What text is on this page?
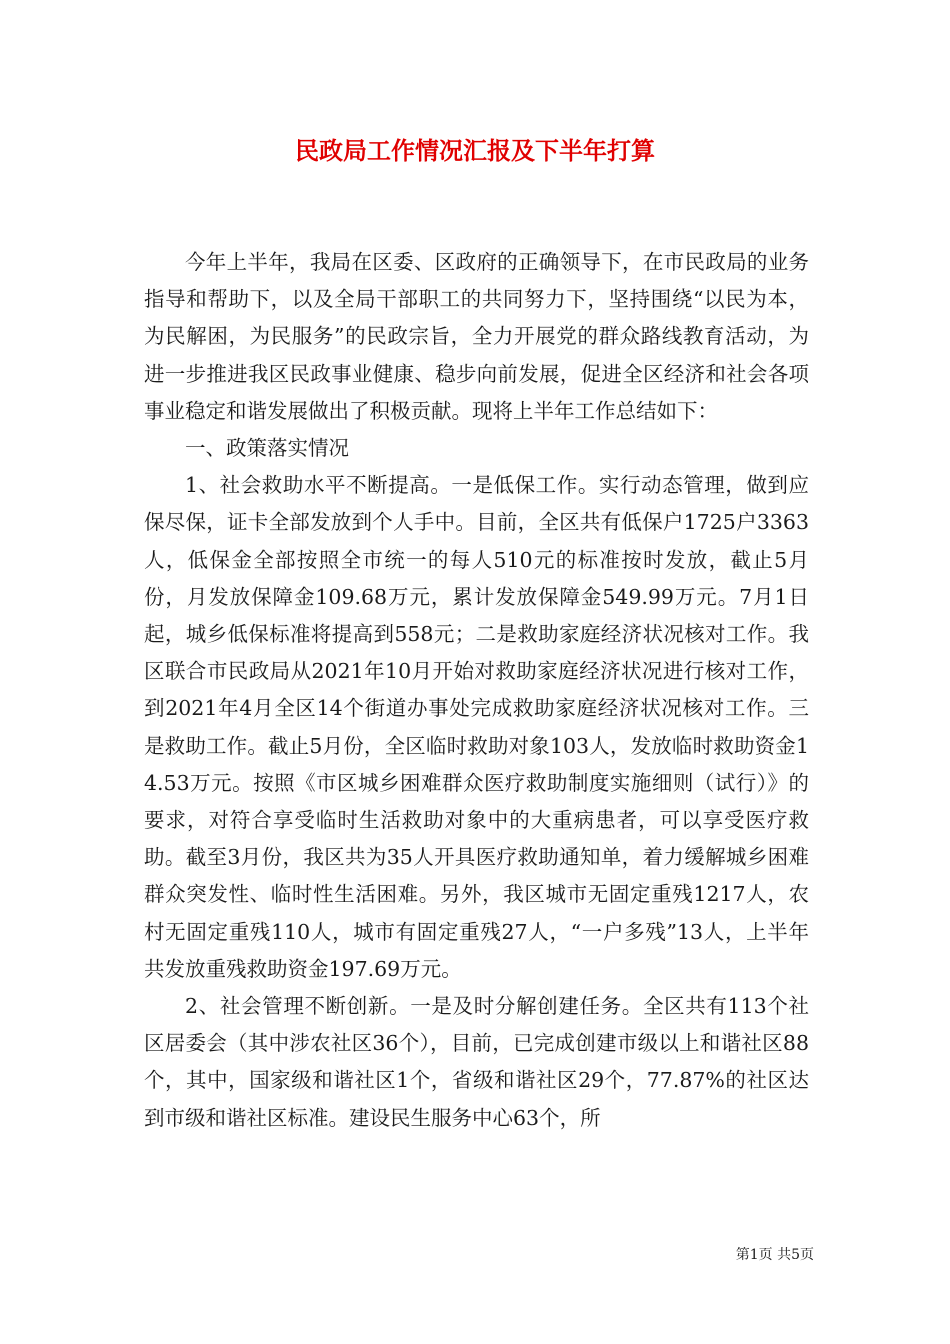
民政局工作情况汇报及下半年打算

今年上半年，我局在区委、区政府的正确领导下，在市民政局的业务指导和帮助下，以及全局干部职工的共同努力下，坚持围绕“以民为本，为民解困，为民服务”的民政宗旨，全力开展党的群众路线教育活动，为进一步推进我区民政事业健康、稳步向前发展，促进全区经济和社会各项事业稳定和谐发展做出了积极贡献。现将上半年工作总结如下：

一、政策落实情况

1、社会救助水平不断提高。一是低保工作。实行动态管理，做到应保尽保，证卡全部发放到个人手中。目前，全区共有低保户1725户3363人，低保金全部按照全市统一的每人510元的标准按时发放，截止5月份，月发放保障金109.68万元，累计发放保障金549.99万元。7月1日起，城乡低保标准将提高到558元；二是救助家庭经济状况核对工作。我区联合市民政局从2021年10月开始对救助家庭经济状况进行核对工作，到2021年4月全区14个街道办事处完成救助家庭经济状况核对工作。三是救助工作。截止5月份，全区临时救助对象103人，发放临时救助资金14.53万元。按照《市区城乡困难群众医疗救助制度实施细则（试行）》的要求，对符合享受临时生活救助对象中的大重病患者，可以享受医疗救助。截至3月份，我区共为35人开具医疗救助通知单，着力缓解城乡困难群众突发性、临时性生活困难。另外，我区城市无固定重残1217人，农村无固定重残110人，城市有固定重残27人，“一户多残”13人，上半年共发放重残救助资金197.69万元。

2、社会管理不断创新。一是及时分解创建任务。全区共有113个社区居委会（其中涉农社区36个），目前，已完成创建市级以上和谐社区88个，其中，国家级和谐社区1个，省级和谐社区29个，77.87%的社区达到市级和谐社区标准。建设民生服务中心63个，所

第1页 共5页
